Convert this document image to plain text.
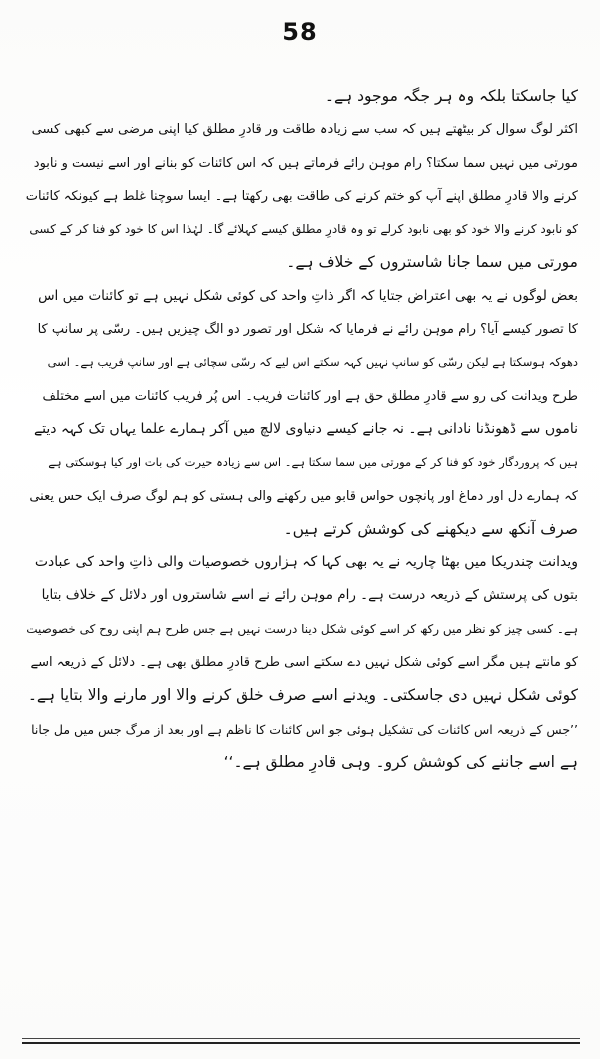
58
کیا جاسکتا بلکہ وہ ہر جگہ موجود ہے۔
اکثر لوگ سوال کر بیٹھتے ہیں کہ سب سے زیادہ طاقت ور قادرِ مطلق کیا اپنی مرضی سے کبھی کسی
مورتی میں نہیں سما سکتا؟ رام موہن رائے فرماتے ہیں کہ اس کائنات کو بنانے اور اسے نیست و نابود
کرنے والا قادرِ مطلق اپنے آپ کو ختم کرنے کی طاقت بھی رکھتا ہے۔ ایسا سوچنا غلط ہے کیونکہ کائنات
کو نابود کرنے والا خود کو بھی نابود کرلے تو وہ قادرِ مطلق کیسے کہلائے گا۔ لہٰذا اس کا خود کو فنا کر کے کسی
مورتی میں سما جانا شاستروں کے خلاف ہے۔
بعض لوگوں نے یہ بھی اعتراض جتایا کہ اگر ذاتِ واحد کی کوئی شکل نہیں ہے تو کائنات میں اس
کا تصور کیسے آیا؟ رام موہن رائے نے فرمایا کہ شکل اور تصور دو الگ چیزیں ہیں۔ رسّی پر سانپ کا
دھوکہ ہوسکتا ہے لیکن رسّی کو سانپ نہیں کہہ سکتے اس لیے کہ رسّی سچائی ہے اور سانپ فریب ہے۔ اسی
طرح ویدانت کی رو سے قادرِ مطلق حق ہے اور کائنات فریب۔ اس پُر فریب کائنات میں اسے مختلف
ناموں سے ڈھونڈنا نادانی ہے۔ نہ جانے کیسے دنیاوی لالچ میں آکر ہمارے علما یہاں تک کہہ دیتے
ہیں کہ پروردگار خود کو فنا کر کے مورتی میں سما سکتا ہے۔ اس سے زیادہ حیرت کی بات اور کیا ہوسکتی ہے
کہ ہمارے دل اور دماغ اور پانچوں حواس قابو میں رکھنے والی ہستی کو ہم لوگ صرف ایک حس یعنی
صرف آنکھ سے دیکھنے کی کوشش کرتے ہیں۔
ویدانت چندریکا میں بھٹا چاریہ نے یہ بھی کہا کہ ہزاروں خصوصیات والی ذاتِ واحد کی عبادت
بتوں کی پرستش کے ذریعہ درست ہے۔ رام موہن رائے نے اسے شاستروں اور دلائل کے خلاف بتایا
ہے۔ کسی چیز کو نظر میں رکھ کر اسے کوئی شکل دینا درست نہیں ہے جس طرح ہم اپنی روح کی خصوصیت
کو مانتے ہیں مگر اسے کوئی شکل نہیں دے سکتے اسی طرح قادرِ مطلق بھی ہے۔ دلائل کے ذریعہ اسے
کوئی شکل نہیں دی جاسکتی۔ ویدنے اسے صرف خلق کرنے والا اور مارنے والا بتایا ہے۔
’’جس کے ذریعہ اس کائنات کی تشکیل ہوئی جو اس کائنات کا ناظم ہے اور بعد از مرگ جس میں مل جانا
ہے اسے جاننے کی کوشش کرو۔ وہی قادرِ مطلق ہے۔‘‘
